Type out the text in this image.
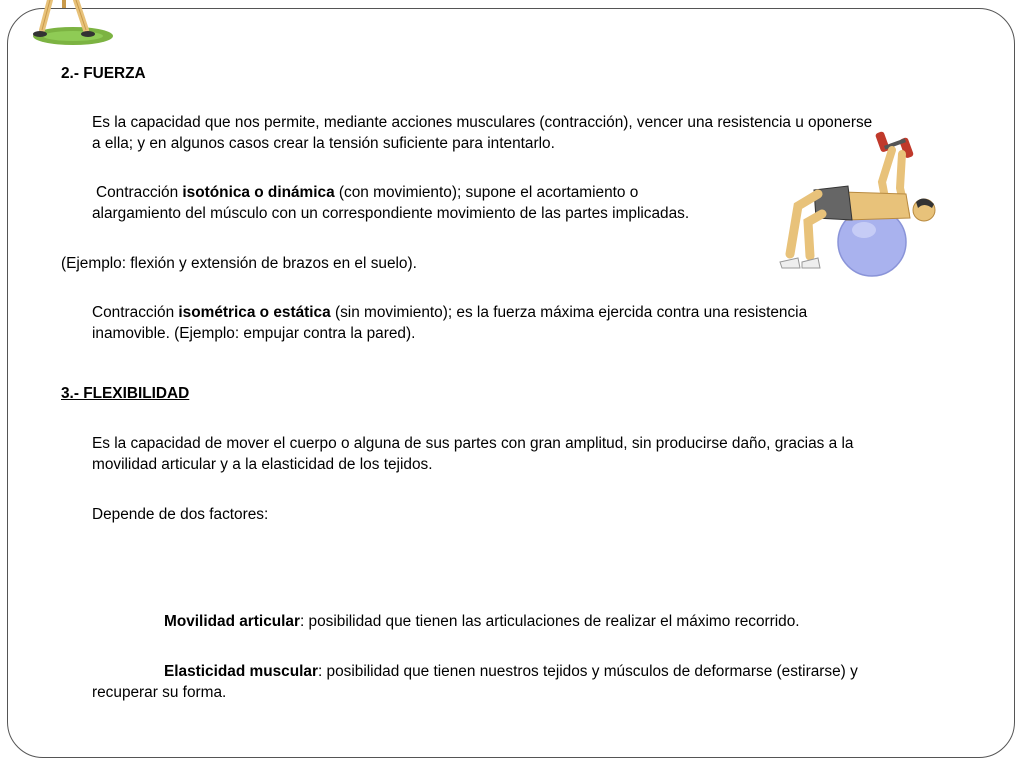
2.- FUERZA

Es la capacidad que nos permite, mediante acciones musculares (contracción), vencer una resistencia u oponerse

a ella; y en algunos casos crear la tensión suficiente para intentarlo.

Contracción isotónica o dinámica (con movimiento); supone el acortamiento o

alargamiento del músculo con un correspondiente movimiento de las partes implicadas.

(Ejemplo: flexión y extensión de brazos en el suelo).

Contracción isométrica o estática (sin movimiento); es la fuerza máxima ejercida contra una resistencia

inamovible. (Ejemplo: empujar contra la pared).

3.- FLEXIBILIDAD

Es la capacidad de mover el cuerpo o alguna de sus partes con gran amplitud, sin producirse daño, gracias a la

movilidad articular y a la elasticidad de los tejidos.

Depende de dos factores:

Movilidad articular: posibilidad que tienen las articulaciones de realizar el máximo recorrido.

Elasticidad muscular: posibilidad que tienen nuestros tejidos y músculos de deformarse (estirarse) y

recuperar su forma.
